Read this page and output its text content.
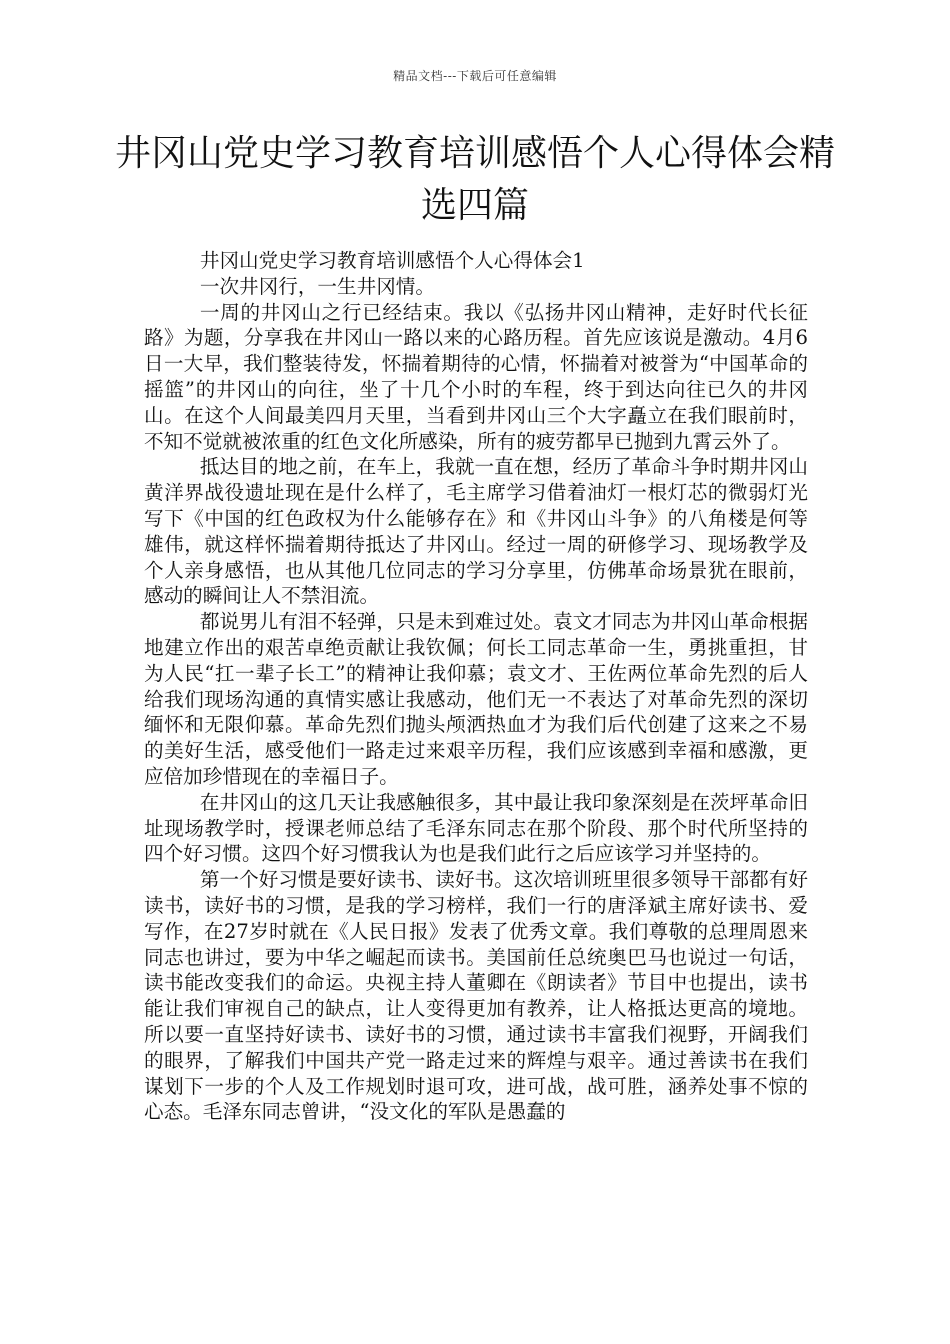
精品文档---下载后可任意编辑
井冈山党史学习教育培训感悟个人心得体会精选四篇

井冈山党史学习教育培训感悟个人心得体会1

一次井冈行，一生井冈情。

一周的井冈山之行已经结束。我以《弘扬井冈山精神，走好时代长征路》为题，分享我在井冈山一路以来的心路历程。首先应该说是激动。4月6日一大早，我们整装待发，怀揣着期待的心情，怀揣着对被誉为“中国革命的摇篮”的井冈山的向往，坐了十几个小时的车程，终于到达向往已久的井冈山。在这个人间最美四月天里，当看到井冈山三个大字矗立在我们眼前时，不知不觉就被浓重的红色文化所感染，所有的疲劳都早已抛到九霄云外了。

抵达目的地之前，在车上，我就一直在想，经历了革命斗争时期井冈山黄洋界战役遗址现在是什么样了，毛主席学习借着油灯一根灯芯的微弱灯光写下《中国的红色政权为什么能够存在》和《井冈山斗争》的八角楼是何等雄伟，就这样怀揣着期待抵达了井冈山。经过一周的研修学习、现场教学及个人亲身感悟，也从其他几位同志的学习分享里，仿佛革命场景犹在眼前，感动的瞬间让人不禁泪流。

都说男儿有泪不轻弹，只是未到难过处。袁文才同志为井冈山革命根据地建立作出的艰苦卓绝贡献让我钦佩；何长工同志革命一生，勇挑重担，甘为人民“扛一辈子长工”的精神让我仰慕；袁文才、王佐两位革命先烈的后人给我们现场沟通的真情实感让我感动，他们无一不表达了对革命先烈的深切缅怀和无限仰慕。革命先烈们抛头颅洒热血才为我们后代创建了这来之不易的美好生活，感受他们一路走过来艰辛历程，我们应该感到幸福和感激，更应倍加珍惜现在的幸福日子。

在井冈山的这几天让我感触很多，其中最让我印象深刻是在茨坪革命旧址现场教学时，授课老师总结了毛泽东同志在那个阶段、那个时代所坚持的四个好习惯。这四个好习惯我认为也是我们此行之后应该学习并坚持的。

第一个好习惯是要好读书、读好书。这次培训班里很多领导干部都有好读书，读好书的习惯，是我的学习榜样，我们一行的唐泽斌主席好读书、爱写作，在27岁时就在《人民日报》发表了优秀文章。我们尊敬的总理周恩来同志也讲过，要为中华之崛起而读书。美国前任总统奥巴马也说过一句话，读书能改变我们的命运。央视主持人董卿在《朗读者》节目中也提出，读书能让我们审视自己的缺点，让人变得更加有教养，让人格抵达更高的境地。所以要一直坚持好读书、读好书的习惯，通过读书丰富我们视野，开阔我们的眼界，了解我们中国共产党一路走过来的辉煌与艰辛。通过善读书在我们谋划下一步的个人及工作规划时退可攻，进可战，战可胜，涵养处事不惊的心态。毛泽东同志曾讲，“没文化的军队是愚蠢的
